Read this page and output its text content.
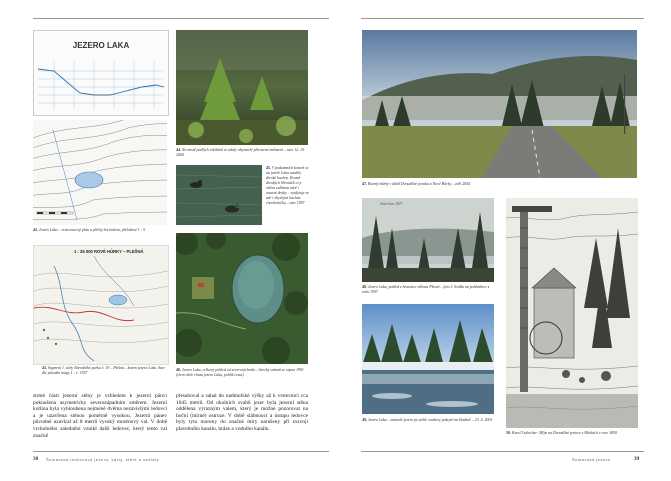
JEZERO LAKA
42. Jezero Laka – vrstevnicový plán a příčný řez kotlem, přeložené 1 : 5
1 : 25 000 ROVÉ HŮRKY – PLEŠNÁ
43. Segment 1. sítěy Národního parku č. 19 – Plešná – kotem jezera Laka. Stav dle původní mapy 1 : 1. 1957
44. Na místě padlých velikánů se udaly obyvatelé přirozené zmlazení – stav 12. 10. 2004
45. V podzimních kotech se na jezeře Laka usadily divoké kachny. Kromě divokých hřivnáčů a ty občas zalétnou také i ostatní druhy – vyskytuje se zde i obyčejná kachna chocholačka – stav 1997
46. Jezero Laka, celkový pohled od severovýchodu – letecký snímek ze srpna 1991 (vlevo dole chata jezero Laka, poblíž cesta)
strmé části jezerní stěny je vzhledem k jezerní pánvi pokoušena asymetricky severozápadním směrem. Jezerní kotlina byla vyhloubena nejméně dvěma nezávislými ledovci a je uzavřena stěnou poměrně vysokou. Jezerní pánev původně uzavíral až 8 metrů vysoký morénový val. V době vrcholného zalednění vznikl další ledovec, který tento val značně
přesahoval a sahal do nadmořské výšky až k vrstevnici cca 1045 metrů. Od okolních svahů jezer byla jezerní stěna oddělena výrazným valem, který je možné pozorovat na boční (mírné) ostruze. V době slábnoucí a ústupu ledovce byly tyto moreny do značné míry narušeny při rozvoji plavebního kanálu, hráze a vodního kanálu.
38 Šumavská ledovcová jezera, karty, stěrě a sedlaty
47. Rozmý mlžný v údolí Dvoudílné potoka u Nové Hůrky – září 2004
Ansichten 1907
48. Jezero Laka, pohled z hrannice obloun Plesné – foto J. Seidla na pohlednice z roku 1907
49. Jezero Laka – zamrzlé jezero po stihle soubory pokryté na hladině – 23. 4. 2003
50. Karel Liebscher: Mlýn na Dvoudílné potoce v Hůrkách v roce 1850
Šumavská jezera	39
